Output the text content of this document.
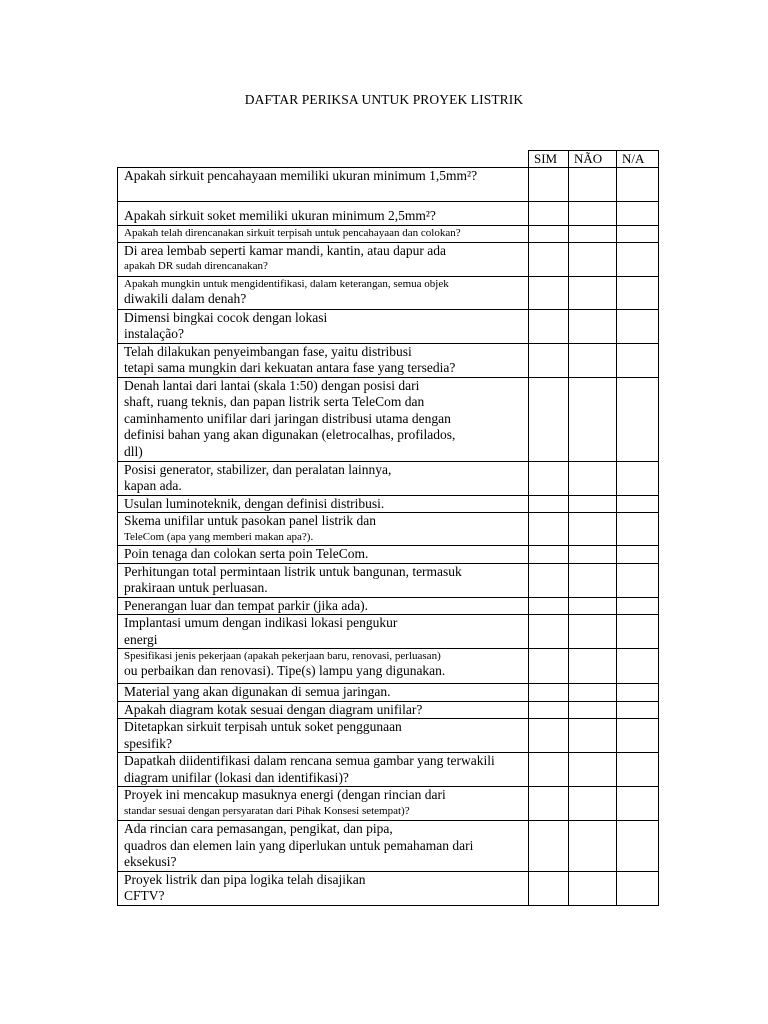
DAFTAR PERIKSA UNTUK PROYEK LISTRIK
	SIM	NÃO	N/A

Apakah sirkuit pencahayaan memiliki ukuran minimum 1,5mm²?			

Apakah sirkuit soket memiliki ukuran minimum 2,5mm²?			

Apakah telah direncanakan sirkuit terpisah untuk pencahayaan dan colokan?			

Di area lembab seperti kamar mandi, kantin, atau dapur ada
apakah DR sudah direncanakan?			

Apakah mungkin untuk mengidentifikasi, dalam keterangan, semua objek
diwakili dalam denah?			

Dimensi bingkai cocok dengan lokasi
instalação?			

Telah dilakukan penyeimbangan fase, yaitu distribusi
tetapi sama mungkin dari kekuatan antara fase yang tersedia?			

Denah lantai dari lantai (skala 1:50) dengan posisi dari
shaft, ruang teknis, dan papan listrik serta TeleCom dan
caminhamento unifilar dari jaringan distribusi utama dengan
definisi bahan yang akan digunakan (eletrocalhas, profilados,
dll)			

Posisi generator, stabilizer, dan peralatan lainnya,
kapan ada.			

Usulan luminoteknik, dengan definisi distribusi.			

Skema unifilar untuk pasokan panel listrik dan
TeleCom (apa yang memberi makan apa?).			

Poin tenaga dan colokan serta poin TeleCom.			

Perhitungan total permintaan listrik untuk bangunan, termasuk
prakiraan untuk perluasan.			

Penerangan luar dan tempat parkir (jika ada).			

Implantasi umum dengan indikasi lokasi pengukur
energi			

Spesifikasi jenis pekerjaan (apakah pekerjaan baru, renovasi, perluasan)
ou perbaikan dan renovasi). Tipe(s) lampu yang digunakan.			

Material yang akan digunakan di semua jaringan.			

Apakah diagram kotak sesuai dengan diagram unifilar?			

Ditetapkan sirkuit terpisah untuk soket penggunaan
spesifik?			

Dapatkah diidentifikasi dalam rencana semua gambar yang terwakili
diagram unifilar (lokasi dan identifikasi)?			

Proyek ini mencakup masuknya energi (dengan rincian dari
standar sesuai dengan persyaratan dari Pihak Konsesi setempat)?			

Ada rincian cara pemasangan, pengikat, dan pipa,
quadros dan elemen lain yang diperlukan untuk pemahaman dari
eksekusi?			

Proyek listrik dan pipa logika telah disajikan
CFTV?			
